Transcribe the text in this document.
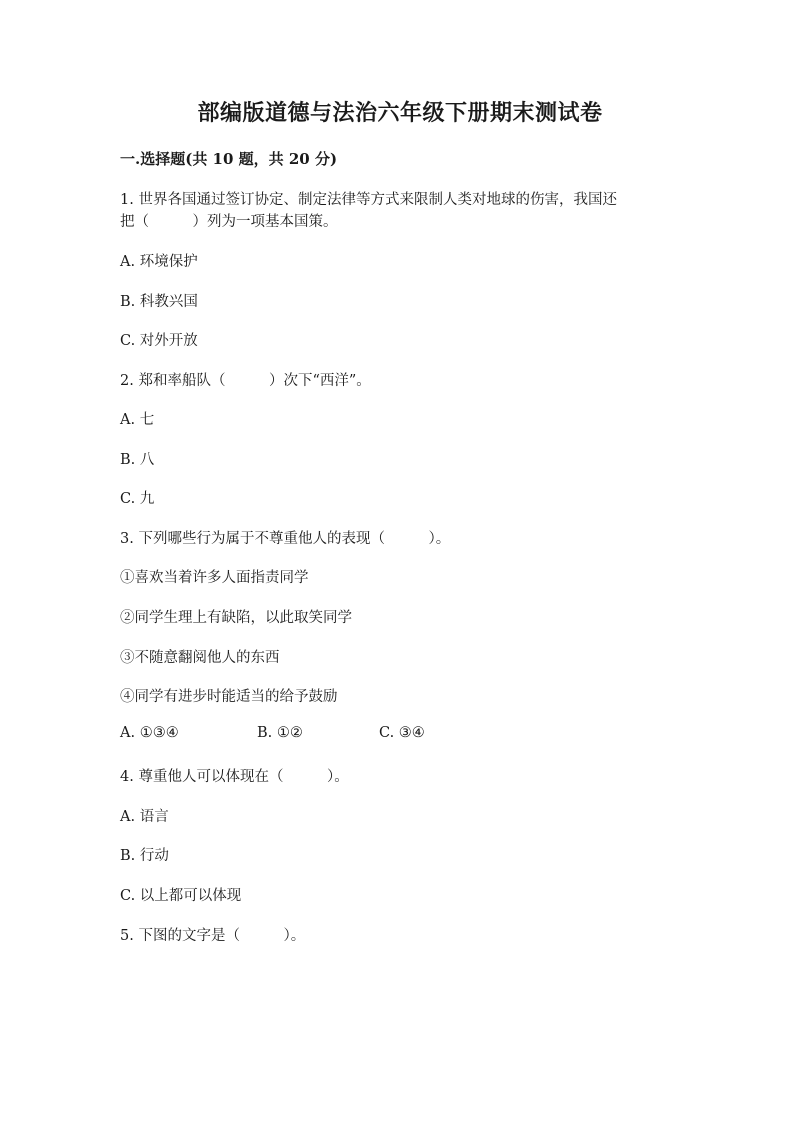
部编版道德与法治六年级下册期末测试卷
一.选择题(共 10 题，共 20 分)
1. 世界各国通过签订协定、制定法律等方式来限制人类对地球的伤害，我国还
把（　　　）列为一项基本国策。
A. 环境保护
B. 科教兴国
C. 对外开放
2. 郑和率船队（　　　）次下“西洋”。
A. 七
B. 八
C. 九
3. 下列哪些行为属于不尊重他人的表现（　　　）。
①喜欢当着许多人面指责同学
②同学生理上有缺陷，以此取笑同学
③不随意翻阅他人的东西
④同学有进步时能适当的给予鼓励
A. ①③④	B. ①②	C. ③④
4. 尊重他人可以体现在（　　　）。
A. 语言
B. 行动
C. 以上都可以体现
5. 下图的文字是（　　　）。
